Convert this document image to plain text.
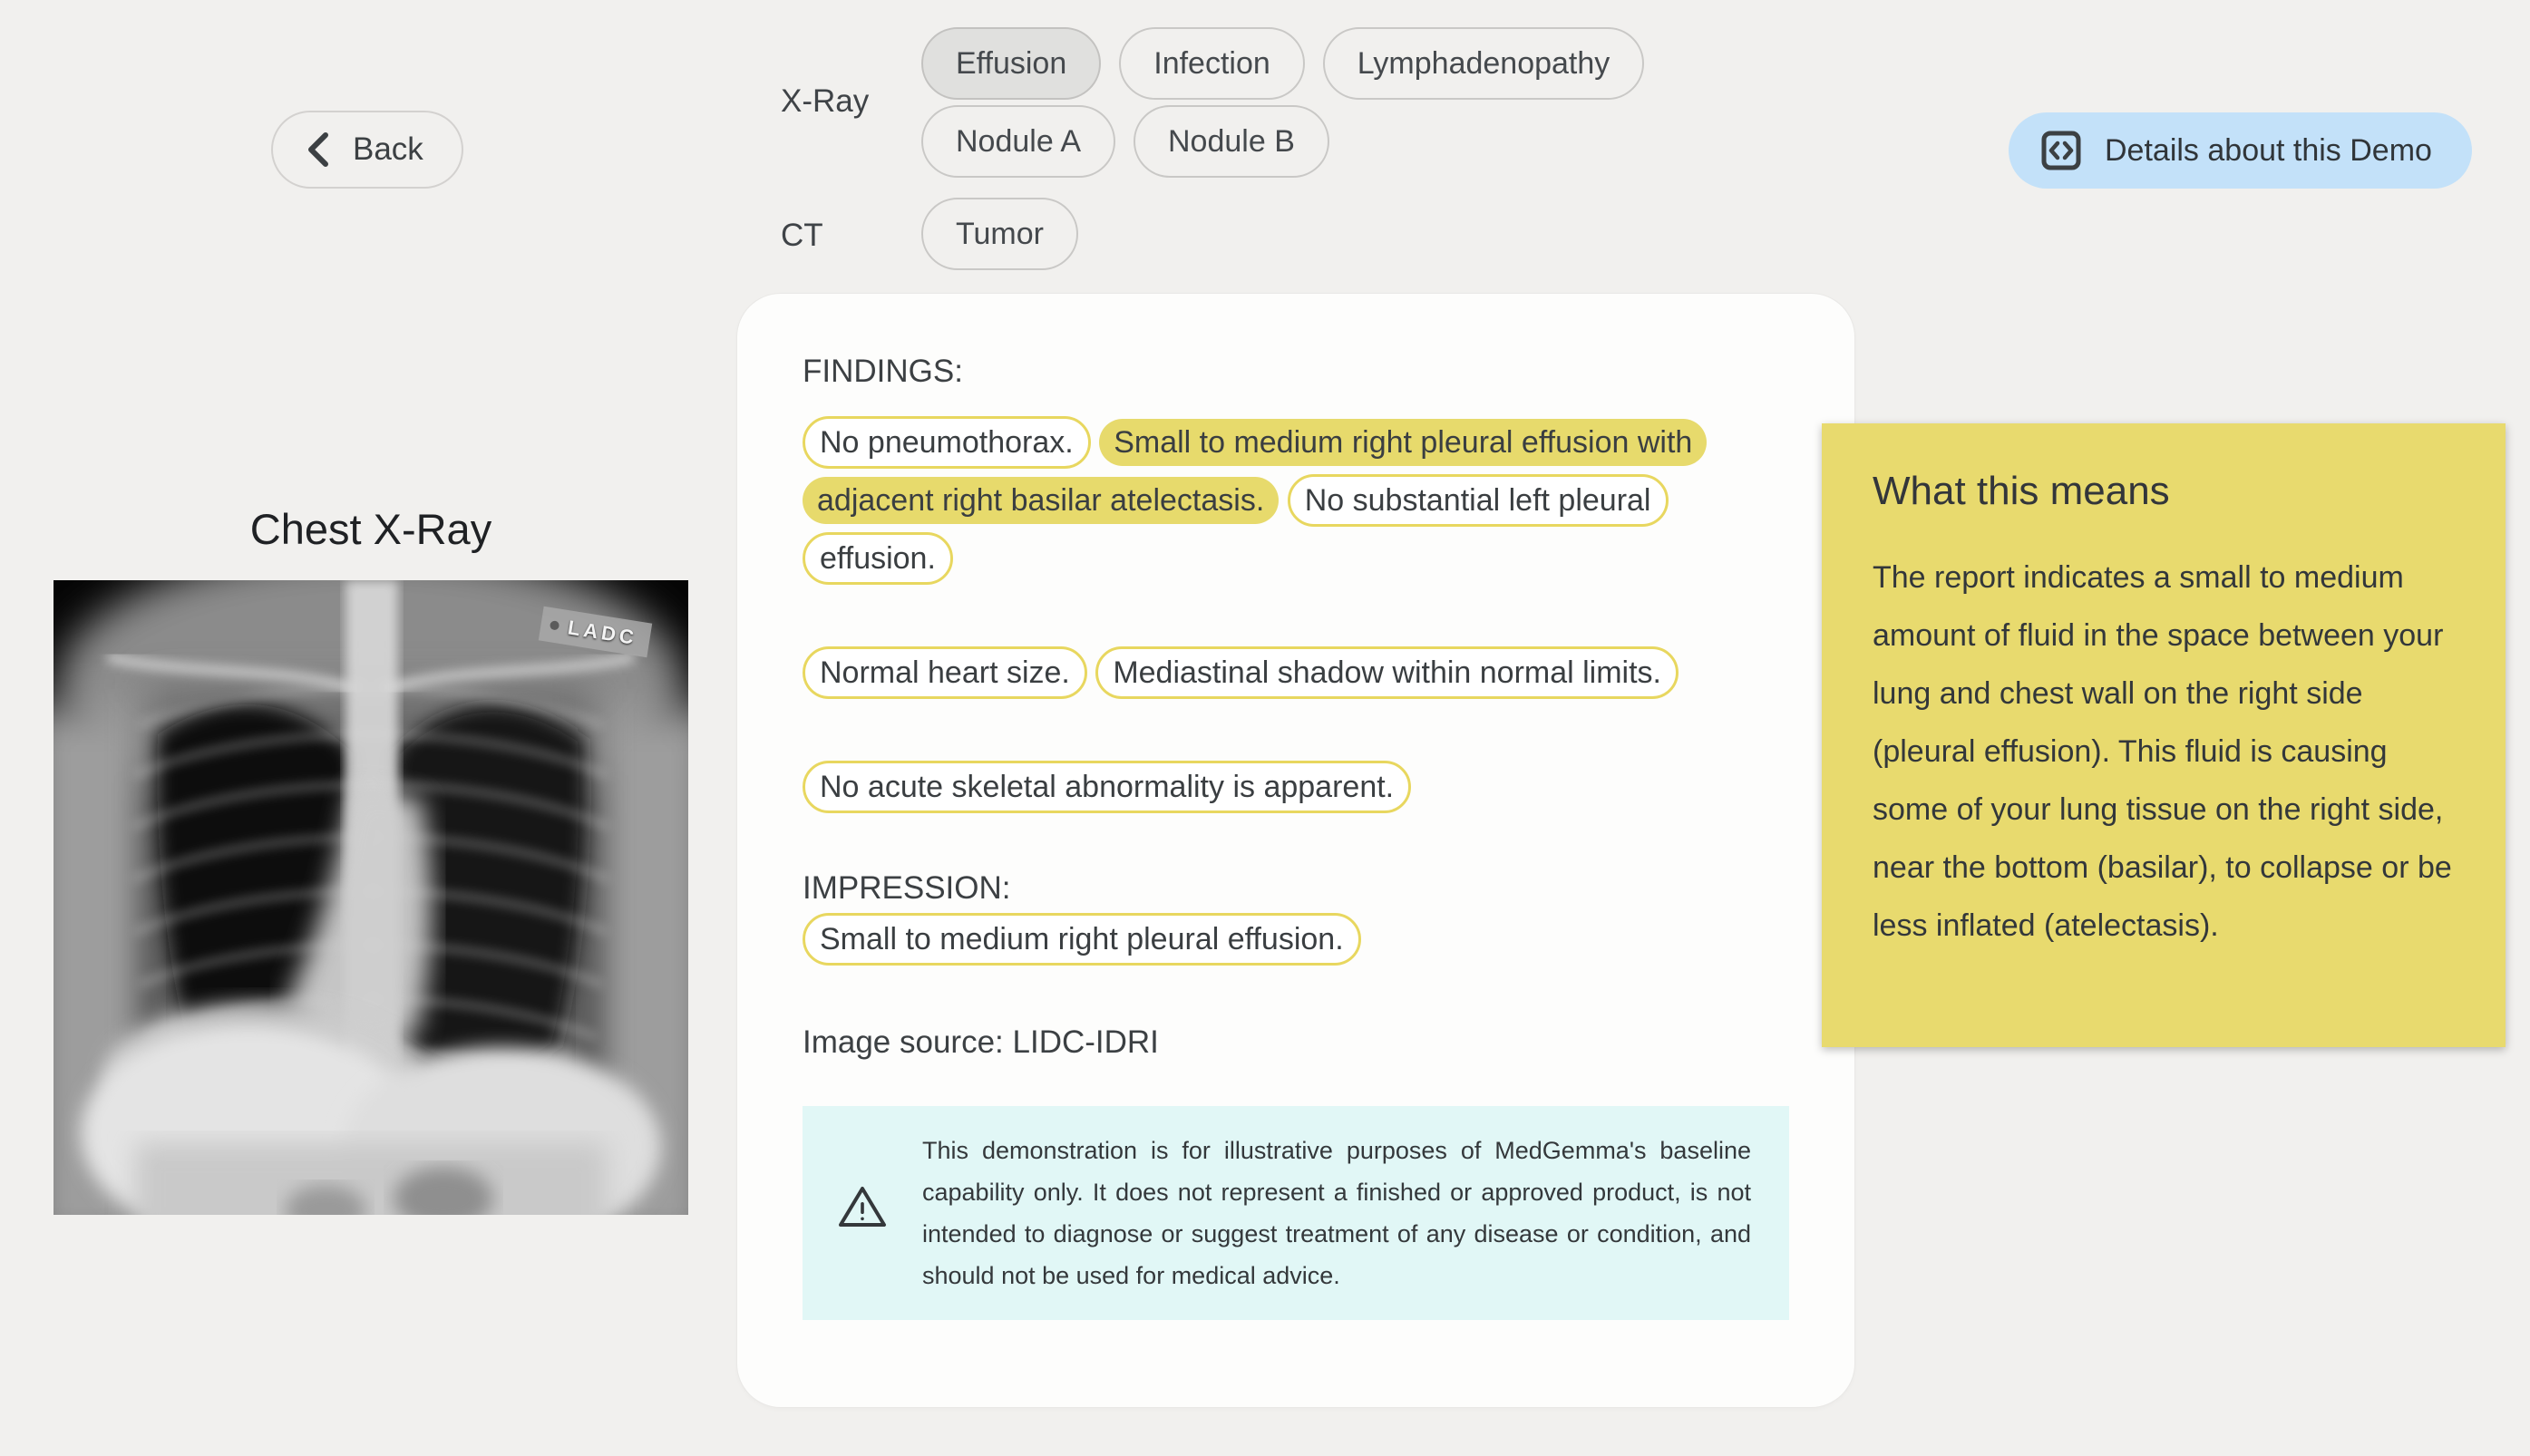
Back
X-Ray
Effusion	Infection	Lymphadenopathy
Nodule A	Nodule B
CT	Tumor
Details about this Demo
Chest X-Ray
LADC
FINDINGS:

No pneumothorax. Small to medium right pleural effusion with adjacent right basilar atelectasis. No substantial left pleural effusion.

Normal heart size. Mediastinal shadow within normal limits.

No acute skeletal abnormality is apparent.

IMPRESSION:

Small to medium right pleural effusion.

Image source: LIDC-IDRI
This demonstration is for illustrative purposes of MedGemma's baseline capability only. It does not represent a finished or approved product, is not intended to diagnose or suggest treatment of any disease or condition, and should not be used for medical advice.
What this means
The report indicates a small to medium amount of fluid in the space between your lung and chest wall on the right side (pleural effusion). This fluid is causing some of your lung tissue on the right side, near the bottom (basilar), to collapse or be less inflated (atelectasis).
